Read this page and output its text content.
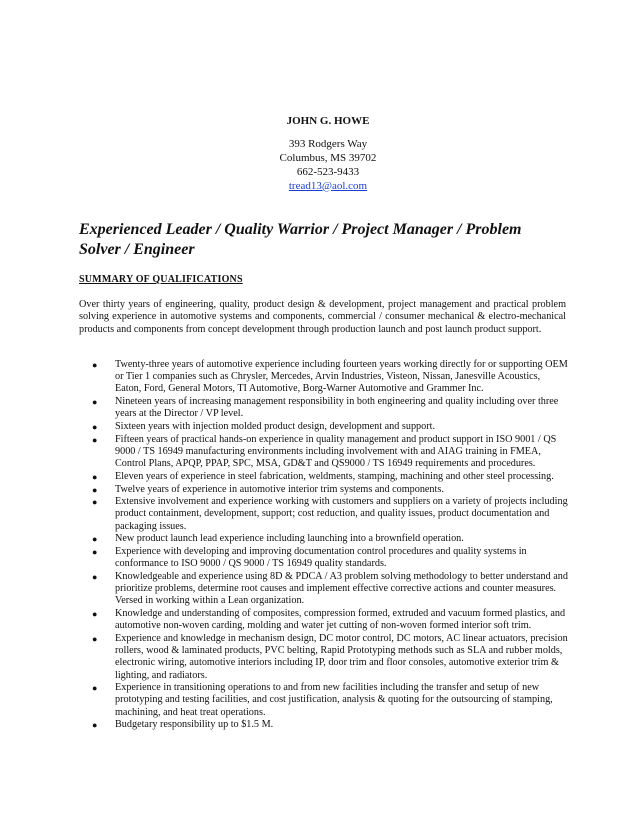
JOHN G. HOWE
393 Rodgers Way
Columbus, MS 39702
662-523-9433
tread13@aol.com
Experienced Leader / Quality Warrior / Project Manager / Problem Solver / Engineer
SUMMARY OF QUALIFICATIONS
Over thirty years of engineering, quality, product design & development, project management and practical problem solving experience in automotive systems and components, commercial / consumer mechanical & electro-mechanical products and components from concept development through production launch and post launch product support.
● Twenty-three years of automotive experience including fourteen years working directly for or supporting OEM or Tier 1 companies such as Chrysler, Mercedes, Arvin Industries, Visteon, Nissan, Janesville Acoustics, Eaton, Ford, General Motors, TI Automotive, Borg-Warner Automotive and Grammer Inc.
● Nineteen years of increasing management responsibility in both engineering and quality including over three years at the Director / VP level.
● Sixteen years with injection molded product design, development and support.
● Fifteen years of practical hands-on experience in quality management and product support in ISO 9001 / QS 9000 / TS 16949 manufacturing environments including involvement with and AIAG training in FMEA, Control Plans, APQP, PPAP, SPC, MSA, GD&T and QS9000 / TS 16949 requirements and procedures.
● Eleven years of experience in steel fabrication, weldments, stamping, machining and other steel processing.
● Twelve years of experience in automotive interior trim systems and components.
● Extensive involvement and experience working with customers and suppliers on a variety of projects including product containment, development, support; cost reduction, and quality issues, product documentation and packaging issues.
● New product launch lead experience including launching into a brownfield operation.
● Experience with developing and improving documentation control procedures and quality systems in conformance to ISO 9000 / QS 9000 / TS 16949 quality standards.
● Knowledgeable and experience using 8D & PDCA / A3 problem solving methodology to better understand and prioritize problems, determine root causes and implement effective corrective actions and counter measures. Versed in working within a Lean organization.
● Knowledge and understanding of composites, compression formed, extruded and vacuum formed plastics, and automotive non-woven carding, molding and water jet cutting of non-woven formed interior soft trim.
● Experience and knowledge in mechanism design, DC motor control, DC motors, AC linear actuators, precision rollers, wood & laminated products, PVC belting, Rapid Prototyping methods such as SLA and rubber molds, electronic wiring, automotive interiors including IP, door trim and floor consoles, automotive exterior trim & lighting, and radiators.
● Experience in transitioning operations to and from new facilities including the transfer and setup of new prototyping and testing facilities, and cost justification, analysis & quoting for the outsourcing of stamping, machining, and heat treat operations.
● Budgetary responsibility up to $1.5 M.
